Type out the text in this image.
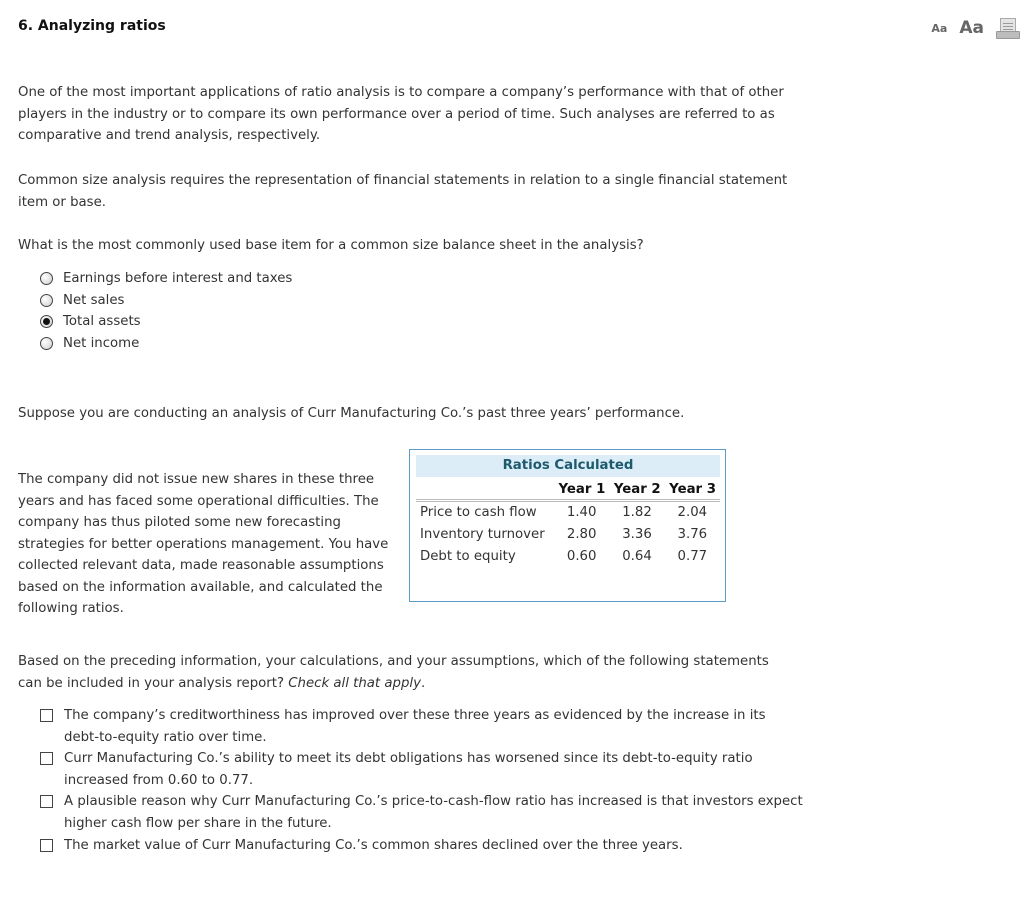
6. Analyzing ratios	Aa Aa
One of the most important applications of ratio analysis is to compare a company’s performance with that of other players in the industry or to compare its own performance over a period of time. Such analyses are referred to as comparative and trend analysis, respectively.
Common size analysis requires the representation of financial statements in relation to a single financial statement item or base.
What is the most commonly used base item for a common size balance sheet in the analysis?
Earnings before interest and taxes
Net sales
Total assets
Net income
Suppose you are conducting an analysis of Curr Manufacturing Co.’s past three years’ performance.
The company did not issue new shares in these three years and has faced some operational difficulties. The company has thus piloted some new forecasting strategies for better operations management. You have collected relevant data, made reasonable assumptions based on the information available, and calculated the following ratios.
Ratios Calculated			
	Year 1	Year 2	Year 3

Price to cash flow	1.40	1.82	2.04
Inventory turnover	2.80	3.36	3.76
Debt to equity	0.60	0.64	0.77
Based on the preceding information, your calculations, and your assumptions, which of the following statements can be included in your analysis report? Check all that apply.
The company’s creditworthiness has improved over these three years as evidenced by the increase in its debt-to-equity ratio over time.
Curr Manufacturing Co.’s ability to meet its debt obligations has worsened since its debt-to-equity ratio increased from 0.60 to 0.77.
A plausible reason why Curr Manufacturing Co.’s price-to-cash-flow ratio has increased is that investors expect higher cash flow per share in the future.
The market value of Curr Manufacturing Co.’s common shares declined over the three years.
